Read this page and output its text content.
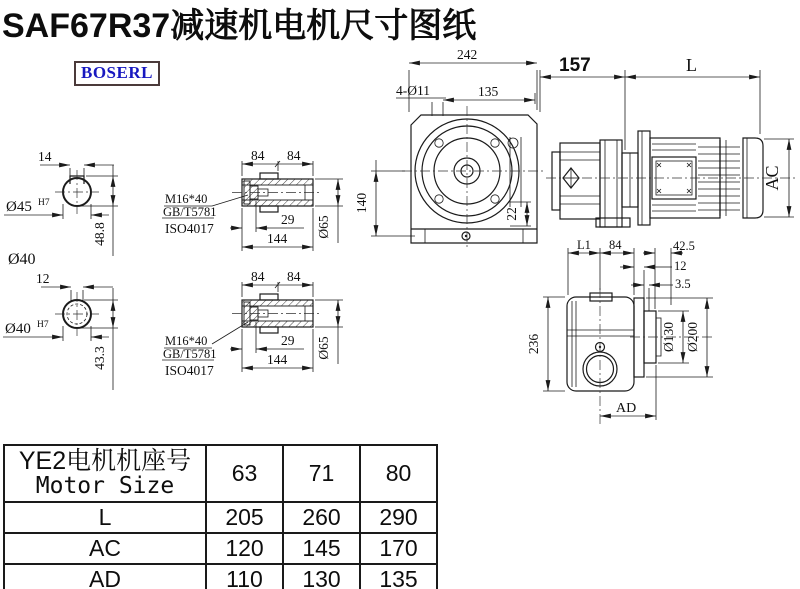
SAF67R37减速机电机尺寸图纸
BOSERL
14
Ø45 H7
48.8
Ø40
12
Ø40 H7
43.3
84 84
29
144 Ø65
M16*40
GB/T5781
ISO4017
84 84
29
144 Ø65
M16*40
GB/T5781
ISO4017
242
135
4-Ø11
140
22
157	L
AC
L1 84	42.5
12
3.5
236	Ø130 Ø200
AD
YE2电机机座号
Motor Size	63	71	80
L	205	260	290
AC	120	145	170
AD	110	130	135
